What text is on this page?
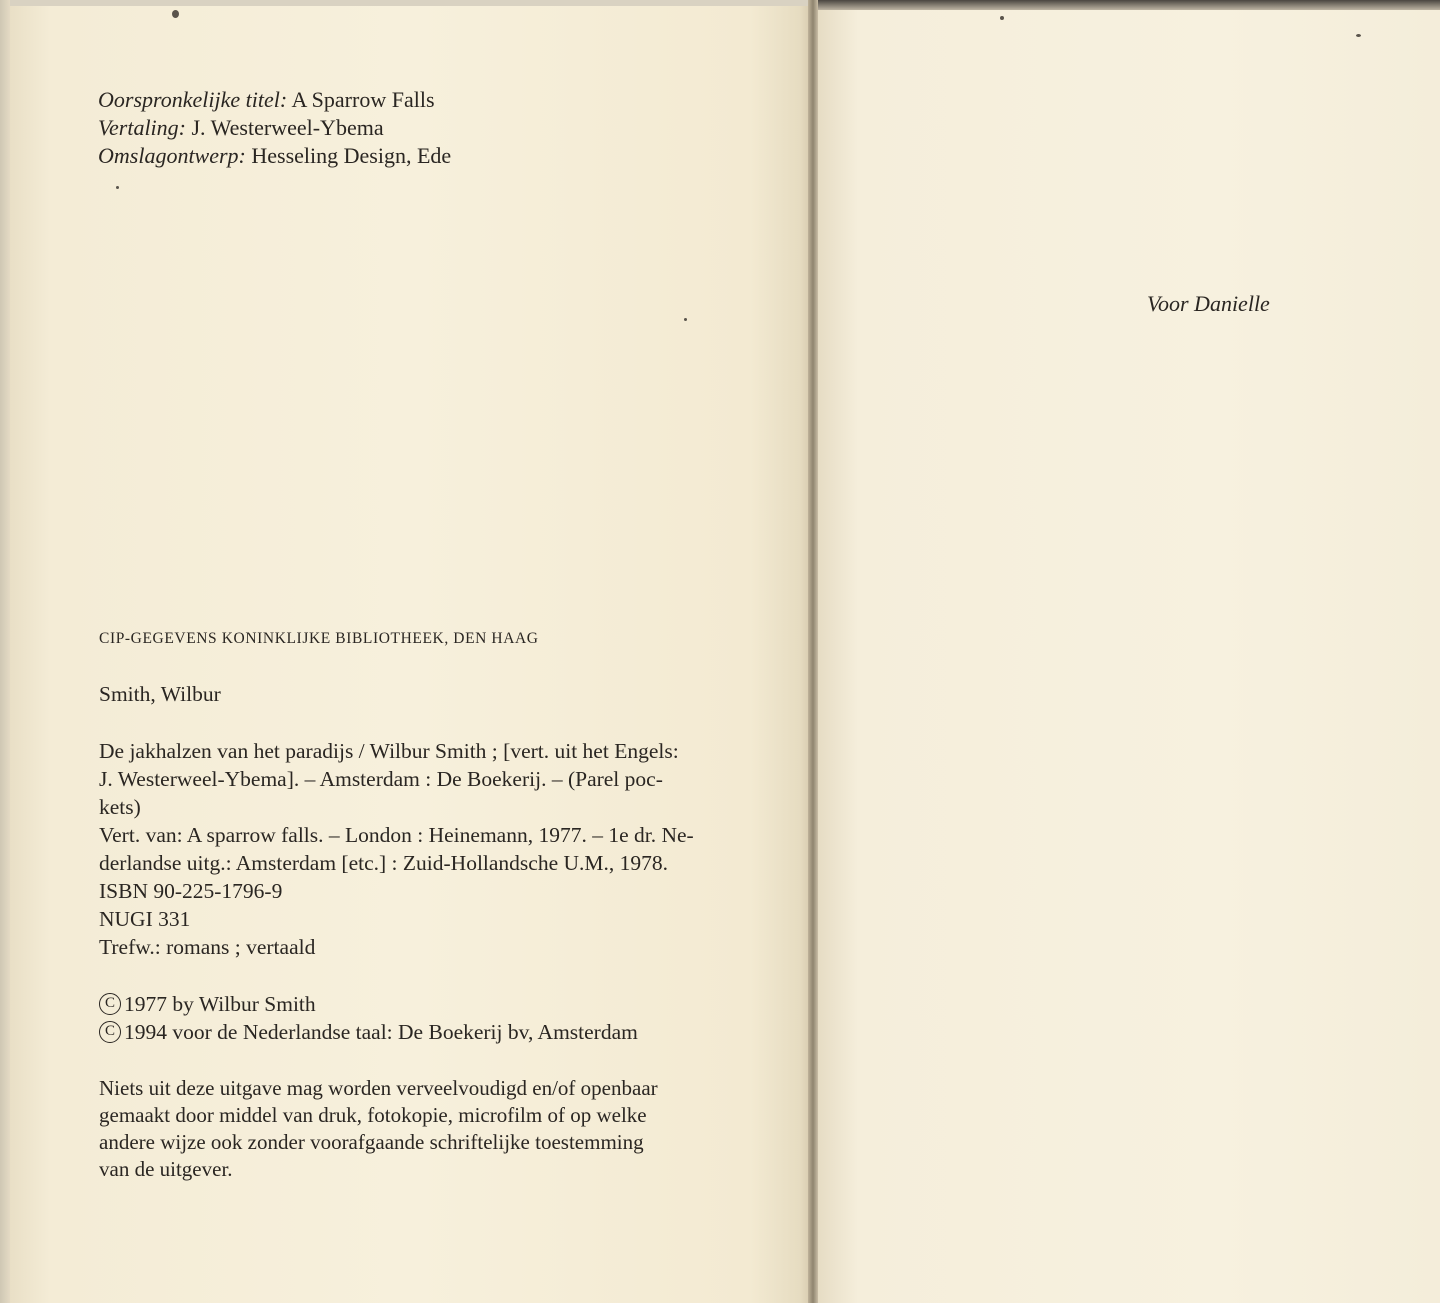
Oorspronkelijke titel: A Sparrow Falls
Vertaling: J. Westerweel-Ybema
Omslagontwerp: Hesseling Design, Ede
CIP-GEGEVENS KONINKLIJKE BIBLIOTHEEK, DEN HAAG
Smith, Wilbur
De jakhalzen van het paradijs / Wilbur Smith ; [vert. uit het Engels:
J. Westerweel-Ybema]. – Amsterdam : De Boekerij. – (Parel poc-
kets)
Vert. van: A sparrow falls. – London : Heinemann, 1977. – 1e dr. Ne-
derlandse uitg.: Amsterdam [etc.] : Zuid-Hollandsche U.M., 1978.
ISBN 90-225-1796-9
NUGI 331
Trefw.: romans ; vertaald
C 1977 by Wilbur Smith
C 1994 voor de Nederlandse taal: De Boekerij bv, Amsterdam
Niets uit deze uitgave mag worden verveelvoudigd en/of openbaar
gemaakt door middel van druk, fotokopie, microfilm of op welke
andere wijze ook zonder voorafgaande schriftelijke toestemming
van de uitgever.
Voor Danielle
